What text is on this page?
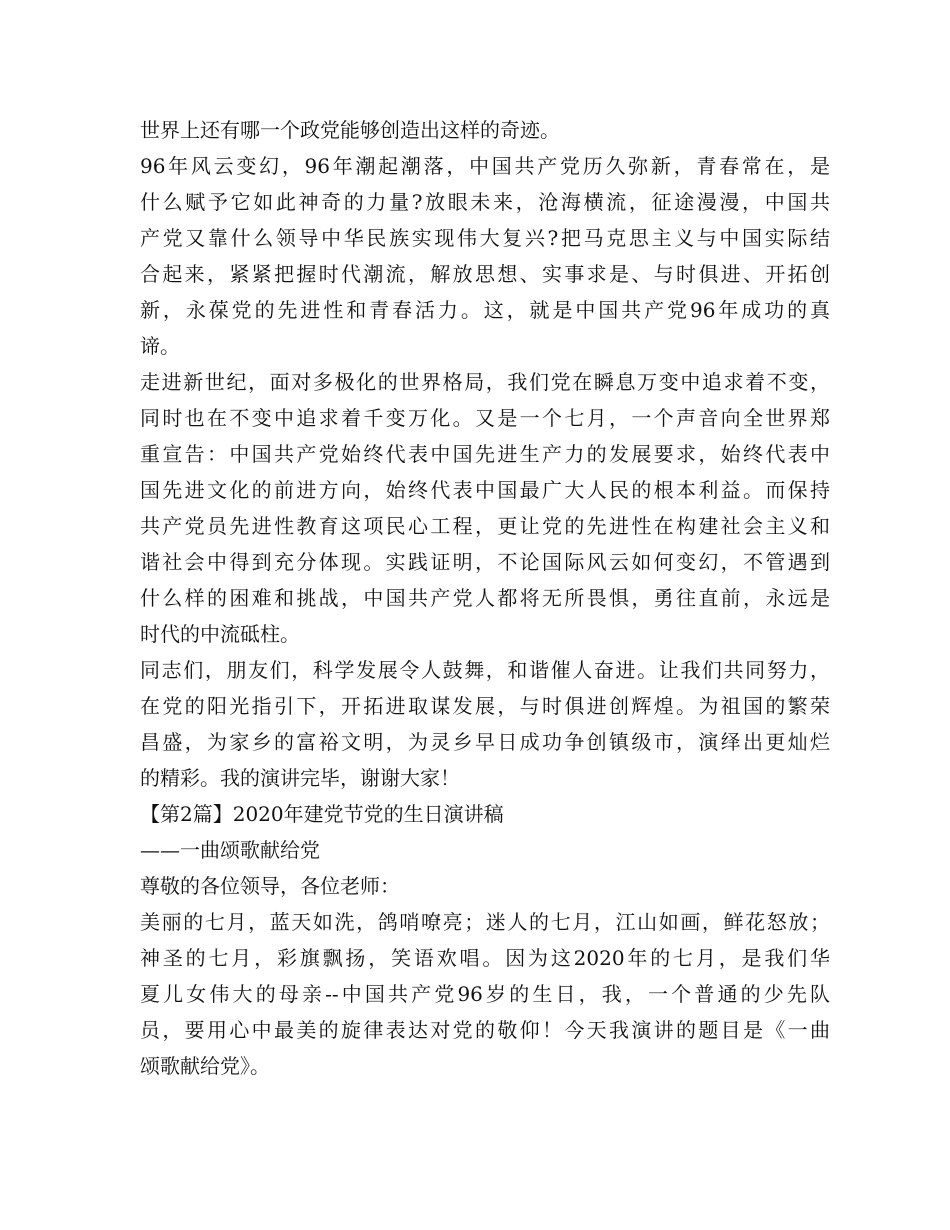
世界上还有哪一个政党能够创造出这样的奇迹。
96年风云变幻，96年潮起潮落，中国共产党历久弥新，青春常在，是
什么赋予它如此神奇的力量?放眼未来，沧海横流，征途漫漫，中国共
产党又靠什么领导中华民族实现伟大复兴?把马克思主义与中国实际结
合起来，紧紧把握时代潮流，解放思想、实事求是、与时俱进、开拓创
新，永葆党的先进性和青春活力。这，就是中国共产党96年成功的真
谛。
走进新世纪，面对多极化的世界格局，我们党在瞬息万变中追求着不变，
同时也在不变中追求着千变万化。又是一个七月，一个声音向全世界郑
重宣告：中国共产党始终代表中国先进生产力的发展要求，始终代表中
国先进文化的前进方向，始终代表中国最广大人民的根本利益。而保持
共产党员先进性教育这项民心工程，更让党的先进性在构建社会主义和
谐社会中得到充分体现。实践证明，不论国际风云如何变幻，不管遇到
什么样的困难和挑战，中国共产党人都将无所畏惧，勇往直前，永远是
时代的中流砥柱。
同志们，朋友们，科学发展令人鼓舞，和谐催人奋进。让我们共同努力，
在党的阳光指引下，开拓进取谋发展，与时俱进创辉煌。为祖国的繁荣
昌盛，为家乡的富裕文明，为灵乡早日成功争创镇级市，演绎出更灿烂
的精彩。我的演讲完毕，谢谢大家！
【第2篇】2020年建党节党的生日演讲稿
——一曲颂歌献给党
尊敬的各位领导，各位老师：
美丽的七月，蓝天如洗，鸽哨嘹亮；迷人的七月，江山如画，鲜花怒放；
神圣的七月，彩旗飘扬，笑语欢唱。因为这2020年的七月，是我们华
夏儿女伟大的母亲--中国共产党96岁的生日，我，一个普通的少先队
员，要用心中最美的旋律表达对党的敬仰！今天我演讲的题目是《一曲
颂歌献给党》。
